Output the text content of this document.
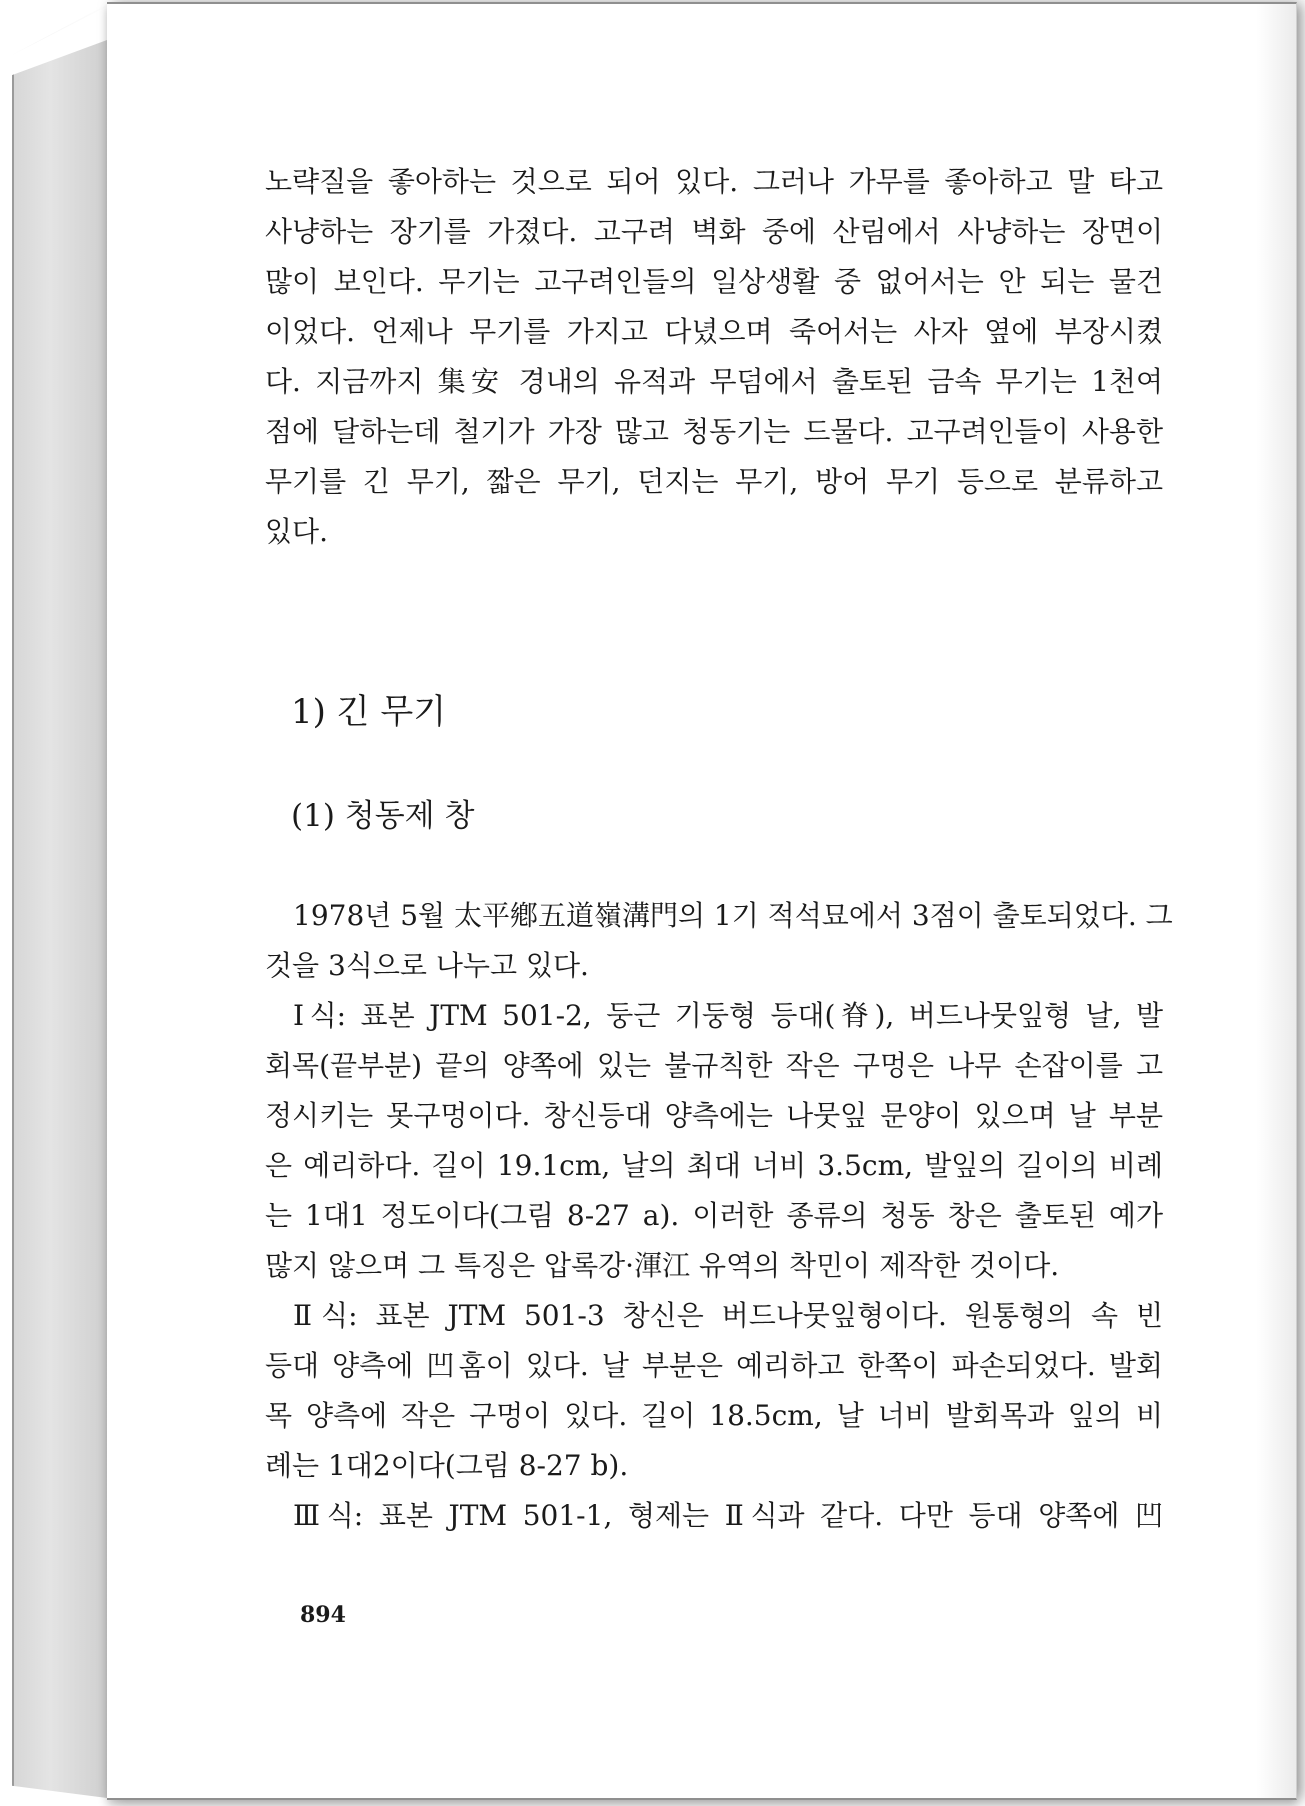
노략질을 좋아하는 것으로 되어 있다. 그러나 가무를 좋아하고 말 타고
사냥하는 장기를 가졌다. 고구려 벽화 중에 산림에서 사냥하는 장면이
많이 보인다. 무기는 고구려인들의 일상생활 중 없어서는 안 되는 물건
이었다. 언제나 무기를 가지고 다녔으며 죽어서는 사자 옆에 부장시켰
다. 지금까지 集安 경내의 유적과 무덤에서 출토된 금속 무기는 1천여
점에 달하는데 철기가 가장 많고 청동기는 드물다. 고구려인들이 사용한
무기를 긴 무기, 짧은 무기, 던지는 무기, 방어 무기 등으로 분류하고
있다.
1) 긴 무기
(1) 청동제 창
1978년 5월 太平鄕五道嶺溝門의 1기 적석묘에서 3점이 출토되었다. 그
것을 3식으로 나누고 있다.
Ⅰ식: 표본 JTM 501-2, 둥근 기둥형 등대(脊), 버드나뭇잎형 날, 발
회목(끝부분) 끝의 양쪽에 있는 불규칙한 작은 구멍은 나무 손잡이를 고
정시키는 못구멍이다. 창신등대 양측에는 나뭇잎 문양이 있으며 날 부분
은 예리하다. 길이 19.1cm, 날의 최대 너비 3.5cm, 발잎의 길이의 비례
는 1대1 정도이다(그림 8-27 a). 이러한 종류의 청동 창은 출토된 예가
많지 않으며 그 특징은 압록강·渾江 유역의 착민이 제작한 것이다.
Ⅱ식: 표본 JTM 501-3 창신은 버드나뭇잎형이다. 원통형의 속 빈
등대 양측에 凹홈이 있다. 날 부분은 예리하고 한쪽이 파손되었다. 발회
목 양측에 작은 구멍이 있다. 길이 18.5cm, 날 너비 발회목과 잎의 비
례는 1대2이다(그림 8-27 b).
Ⅲ식: 표본 JTM 501-1, 형제는 Ⅱ식과 같다. 다만 등대 양쪽에 凹
894
